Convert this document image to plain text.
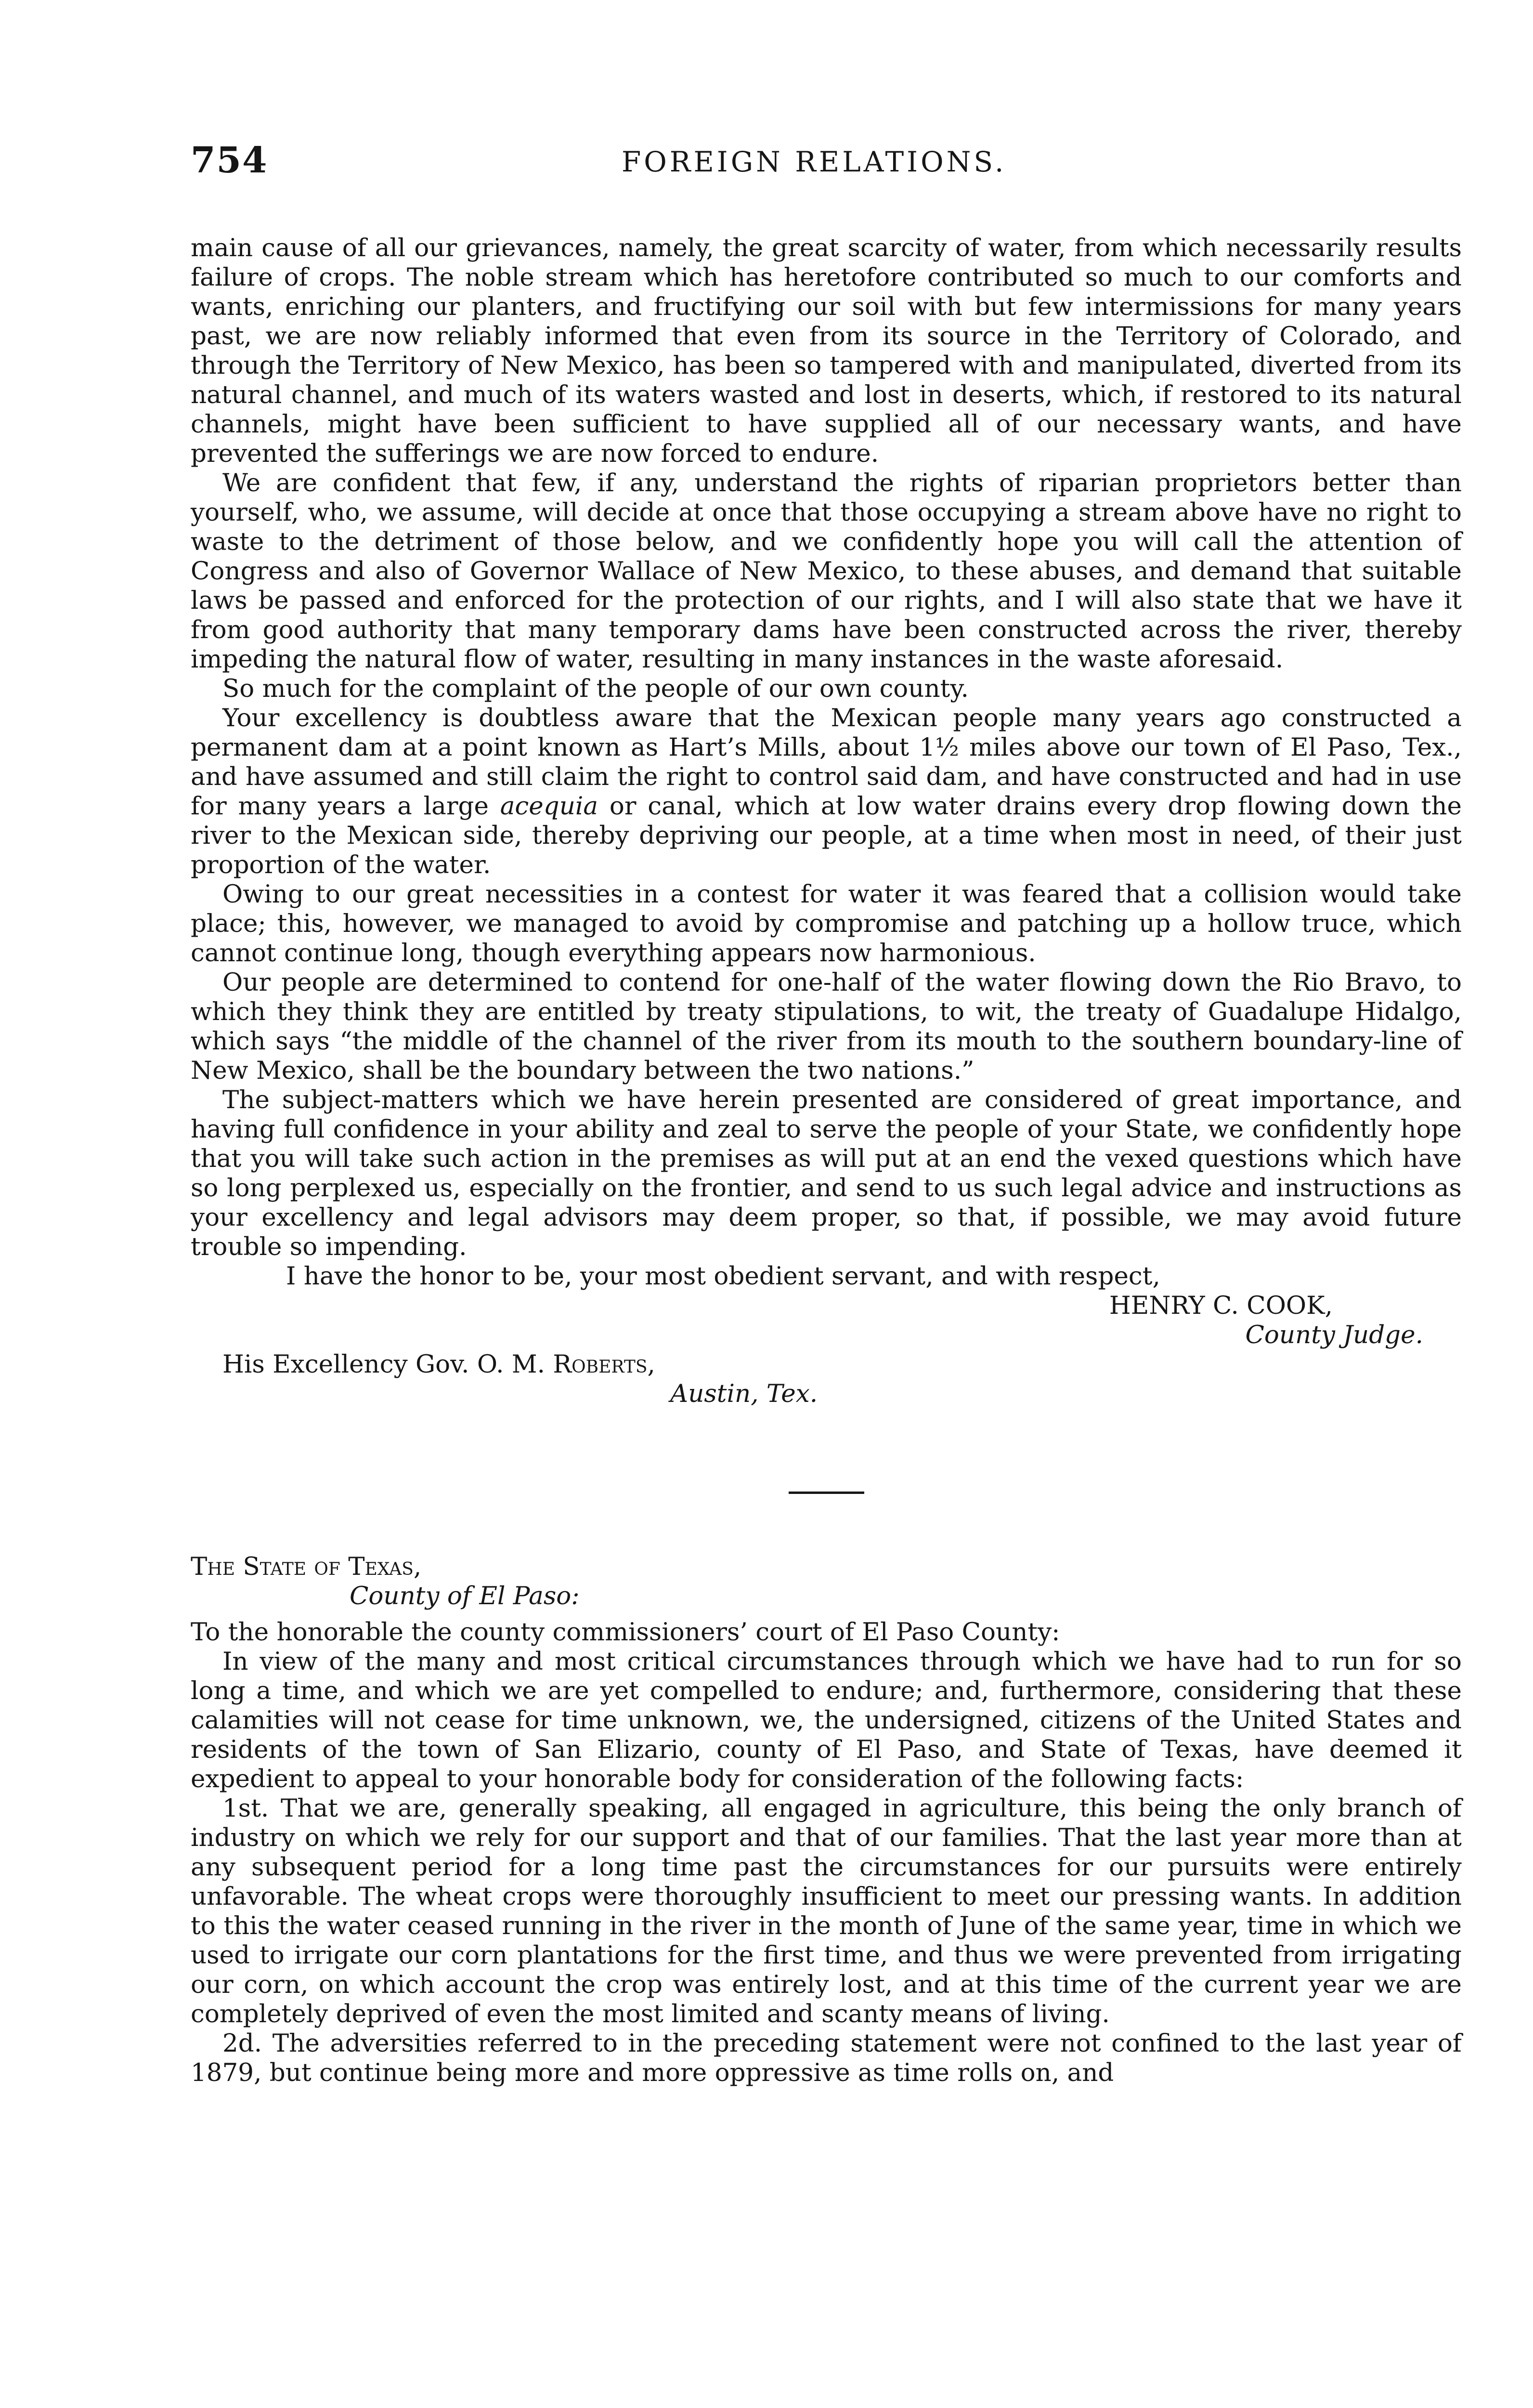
754	FOREIGN RELATIONS.

main cause of all our grievances, namely, the great scarcity of water, from which necessarily results failure of crops. The noble stream which has heretofore contributed so much to our comforts and wants, enriching our planters, and fructifying our soil with but few intermissions for many years past, we are now reliably informed that even from its source in the Territory of Colorado, and through the Territory of New Mexico, has been so tampered with and manipulated, diverted from its natural channel, and much of its waters wasted and lost in deserts, which, if restored to its natural channels, might have been sufficient to have supplied all of our necessary wants, and have prevented the sufferings we are now forced to endure.

We are confident that few, if any, understand the rights of riparian proprietors better than yourself, who, we assume, will decide at once that those occupying a stream above have no right to waste to the detriment of those below, and we confidently hope you will call the attention of Congress and also of Governor Wallace of New Mexico, to these abuses, and demand that suitable laws be passed and enforced for the protection of our rights, and I will also state that we have it from good authority that many temporary dams have been constructed across the river, thereby impeding the natural flow of water, resulting in many instances in the waste aforesaid.

So much for the complaint of the people of our own county.

Your excellency is doubtless aware that the Mexican people many years ago constructed a permanent dam at a point known as Hart’s Mills, about 1½ miles above our town of El Paso, Tex., and have assumed and still claim the right to control said dam, and have constructed and had in use for many years a large acequia or canal, which at low water drains every drop flowing down the river to the Mexican side, thereby depriving our people, at a time when most in need, of their just proportion of the water.

Owing to our great necessities in a contest for water it was feared that a collision would take place; this, however, we managed to avoid by compromise and patching up a hollow truce, which cannot continue long, though everything appears now harmonious.

Our people are determined to contend for one-half of the water flowing down the Rio Bravo, to which they think they are entitled by treaty stipulations, to wit, the treaty of Guadalupe Hidalgo, which says “the middle of the channel of the river from its mouth to the southern boundary-line of New Mexico, shall be the boundary between the two nations.”

The subject-matters which we have herein presented are considered of great importance, and having full confidence in your ability and zeal to serve the people of your State, we confidently hope that you will take such action in the premises as will put at an end the vexed questions which have so long perplexed us, especially on the frontier, and send to us such legal advice and instructions as your excellency and legal advisors may deem proper, so that, if possible, we may avoid future trouble so impending.

I have the honor to be, your most obedient servant, and with respect,

HENRY C. COOK,

County Judge.

His Excellency Gov. O. M. Roberts,

Austin, Tex.

The State of Texas,

County of El Paso:

To the honorable the county commissioners’ court of El Paso County:

In view of the many and most critical circumstances through which we have had to run for so long a time, and which we are yet compelled to endure; and, furthermore, considering that these calamities will not cease for time unknown, we, the undersigned, citizens of the United States and residents of the town of San Elizario, county of El Paso, and State of Texas, have deemed it expedient to appeal to your honorable body for consideration of the following facts:

1st. That we are, generally speaking, all engaged in agriculture, this being the only branch of industry on which we rely for our support and that of our families. That the last year more than at any subsequent period for a long time past the circumstances for our pursuits were entirely unfavorable. The wheat crops were thoroughly insufficient to meet our pressing wants. In addition to this the water ceased running in the river in the month of June of the same year, time in which we used to irrigate our corn plantations for the first time, and thus we were prevented from irrigating our corn, on which account the crop was entirely lost, and at this time of the current year we are completely deprived of even the most limited and scanty means of living.

2d. The adversities referred to in the preceding statement were not confined to the last year of 1879, but continue being more and more oppressive as time rolls on, and
